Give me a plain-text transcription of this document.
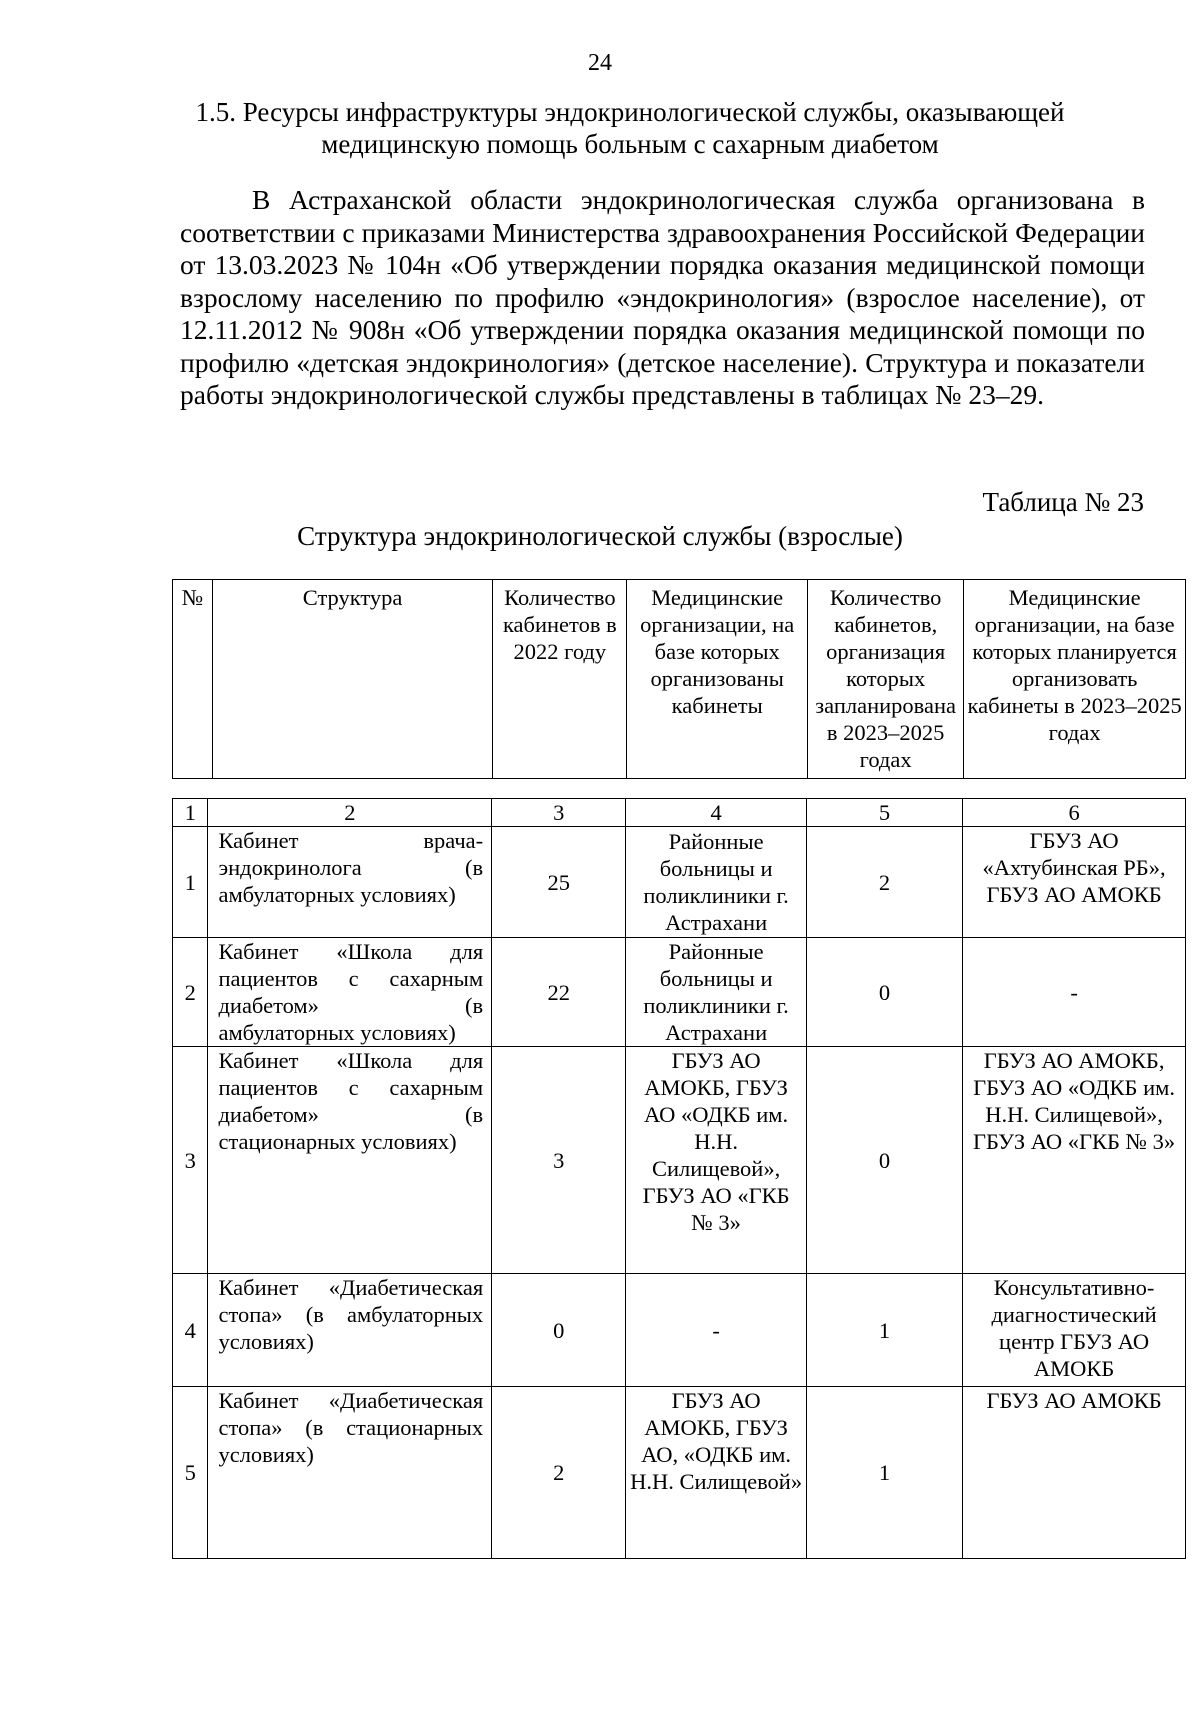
24
1.5. Ресурсы инфраструктуры эндокринологической службы, оказывающей
медицинскую помощь больным с сахарным диабетом

В Астраханской области эндокринологическая служба организована в соответствии с приказами Министерства здравоохранения Российской Федерации от 13.03.2023 № 104н «Об утверждении порядка оказания медицинской помощи взрослому населению по профилю «эндокринология» (взрослое население), от 12.11.2012 № 908н «Об утверждении порядка оказания медицинской помощи по профилю «детская эндокринология» (детское население). Структура и показатели работы эндокринологической службы представлены в таблицах № 23–29.

Таблица № 23
Структура эндокринологической службы (взрослые)
№	Структура	Количество кабинетов в 2022 году	Медицинские организации, на базе которых организованы кабинеты	Количество кабинетов, организация которых запланирована в 2023–2025 годах	Медицинские организации, на базе которых планируется организовать кабинеты в 2023–2025 годах
1	2	3	4	5	6
1	Кабинет врача-эндокринолога (в амбулаторных условиях)	25	Районные больницы и поликлиники г. Астрахани	2	ГБУЗ АО «Ахтубинская РБ», ГБУЗ АО АМОКБ
2	Кабинет «Школа для пациентов с сахарным диабетом» (в амбулаторных условиях)	22	Районные больницы и поликлиники г. Астрахани	0	-
3	Кабинет «Школа для пациентов с сахарным диабетом» (в стационарных условиях)	3	ГБУЗ АО АМОКБ, ГБУЗ АО «ОДКБ им. Н.Н. Силищевой», ГБУЗ АО «ГКБ № 3»	0	ГБУЗ АО АМОКБ, ГБУЗ АО «ОДКБ им. Н.Н. Силищевой», ГБУЗ АО «ГКБ № 3»
4	Кабинет «Диабетическая стопа» (в амбулаторных условиях)	0	-	1	Консультативно-диагностический центр ГБУЗ АО АМОКБ
5	Кабинет «Диабетическая стопа» (в стационарных условиях)	2	ГБУЗ АО АМОКБ, ГБУЗ АО, «ОДКБ им. Н.Н. Силищевой»	1	ГБУЗ АО АМОКБ
